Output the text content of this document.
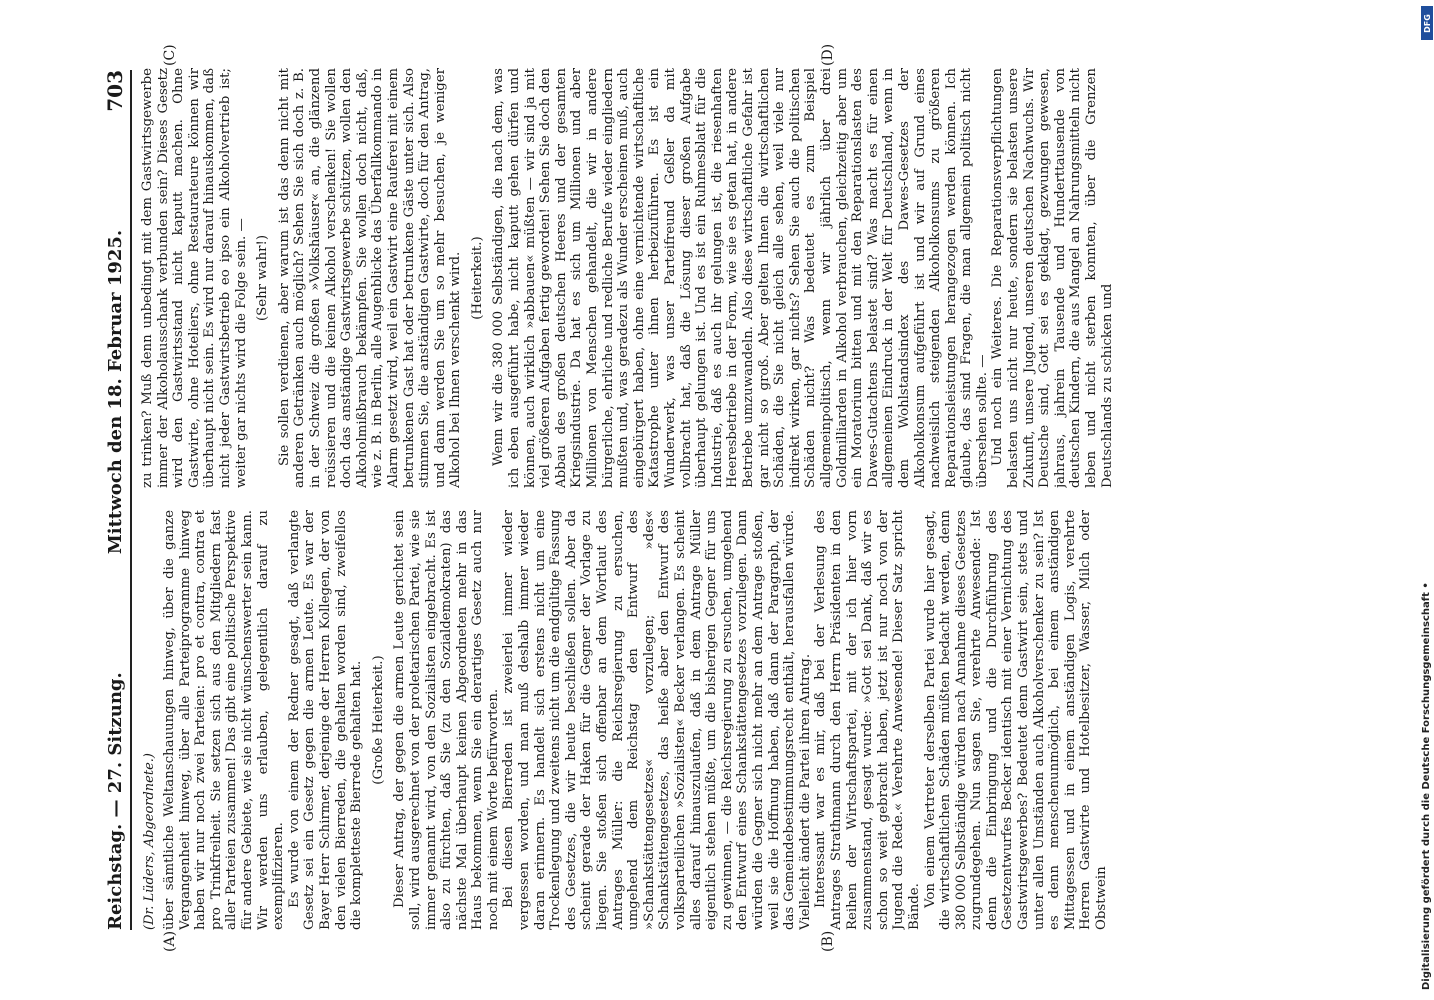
Reichstag. — 27. Sitzung.
Mittwoch den 18. Februar 1925.
703
(Dr. Lüders, Abgeordnete.) über sämtliche Weltanschauungen hinweg, über die ganze Vergangenheit hinweg, über alle Parteiprogramme hinweg haben wir nur noch zwei Parteien: pro et contra, contra et pro Trinkfreiheit. Sie setzen sich aus den Mitgliedern fast aller Parteien zusammen! Das gibt eine politische Perspektive für andere Gebiete, wie sie nicht wünschenswerter sein kann. Wir werden uns erlauben, gelegentlich darauf zu exemplifizieren. Es wurde von einem der Redner gesagt, daß verlangte Gesetz sei ein Gesetz gegen die armen Leute. Es war der Bayer Herr Schirmer, derjenige der Herren Kollegen, der von den vielen Bierreden, die gehalten worden sind, zweifellos die kompletteste Bierrede gehalten hat. (Große Heiterkeit.) Dieser Antrag, der gegen die armen Leute gerichtet sein soll, wird ausgerechnet von der proletarischen Partei, wie sie immer genannt wird, von den Sozialisten eingebracht. Es ist also zu fürchten, daß Sie (zu den Sozialdemokraten) das nächste Mal überhaupt keinen Abgeordneten mehr in das Haus bekommen, wenn Sie ein derartiges Gesetz auch nur noch mit einem Worte befürworten. Bei diesen Bierreden ist zweierlei immer wieder vergessen worden, und man muß deshalb immer wieder daran erinnern. Es handelt sich erstens nicht um eine Trockenlegung und zweitens nicht um die endgültige Fassung des Gesetzes, die wir heute beschließen sollen. Aber da scheint gerade der Haken für die Gegner der Vorlage zu liegen. Sie stoßen sich offenbar an dem Wortlaut des Antrages Müller: die Reichsregierung zu ersuchen, umgehend dem Reichstag den Entwurf des »Schankstättengesetzes« vorzulegen; »des« Schankstättengesetzes, das heiße aber den Entwurf des volksparteilichen »Sozialisten« Becker verlangen. Es scheint alles darauf hinauszulaufen, daß in dem Antrage Müller eigentlich stehen müßte, um die bisherigen Gegner für uns zu gewinnen, — die Reichsregierung zu ersuchen, umgehend den Entwurf eines Schankstättengesetzes vorzulegen. Dann würden die Gegner sich nicht mehr an dem Antrage stoßen, weil sie die Hoffnung haben, daß dann der Paragraph, der das Gemeindebestimmungsrecht enthält, herausfallen würde. Vielleicht ändert die Partei ihren Antrag. Interessant war es mir, daß bei der Verlesung des Antrages Strathmann durch den Herrn Präsidenten in den Reihen der Wirtschaftspartei, mit der ich hier vorn zusammenstand, gesagt wurde: »Gott sei Dank, daß wir es schon so weit gebracht haben, jetzt ist nur noch von der Jugend die Rede.« Verehrte Anwesende! Dieser Satz spricht Bände. Von einem Vertreter derselben Partei wurde hier gesagt, die wirtschaftlichen Schäden müßten bedacht werden, denn 380 000 Selbständige würden nach Annahme dieses Gesetzes zugrundegehen. Nun sagen Sie, verehrte Anwesende: Ist denn die Einbringung und die Durchführung des Gesetzentwurfes Becker identisch mit einer Vernichtung des Gastwirtsgewerbes? Bedeutet denn Gastwirt sein, stets und unter allen Umständen auch Alkoholverschenker zu sein? Ist es denn menschenunmöglich, bei einem anständigen Mittagessen und in einem anständigen Logis, verehrte Herren Gastwirte und Hotelbesitzer, Wasser, Milch oder Obstwein

zu trinken? Muß denn unbedingt mit dem Gastwirtsgewerbe immer der Alkoholausschank verbunden sein? Dieses Gesetz wird den Gastwirtsstand nicht kaputt machen. Ohne Gastwirte, ohne Hoteliers, ohne Restaurateure können wir überhaupt nicht sein. Es wird nur darauf hinauskommen, daß nicht jeder Gastwirtsbetrieb eo ipso ein Alkoholvertrieb ist; weiter gar nichts wird die Folge sein. — (Sehr wahr!) Sie sollen verdienen, aber warum ist das denn nicht mit anderen Getränken auch möglich? Sehen Sie sich doch z. B. in der Schweiz die großen »Volkshäuser« an, die glänzend reüssieren und die keinen Alkohol verschenken! Sie wollen doch das anständige Gastwirtsgewerbe schützen, wollen den Alkoholmißbrauch bekämpfen. Sie wollen doch nicht, daß, wie z. B. in Berlin, alle Augenblicke das Überfallkommando in Alarm gesetzt wird, weil ein Gastwirt eine Rauferei mit einem betrunkenen Gast hat oder betrunkene Gäste unter sich. Also stimmen Sie, die anständigen Gastwirte, doch für den Antrag, und dann werden Sie um so mehr besuchen, je weniger Alkohol bei Ihnen verschenkt wird. (Heiterkeit.) Wenn wir die 380 000 Selbständigen, die nach dem, was ich eben ausgeführt habe, nicht kaputt gehen dürfen und können, auch wirklich »abbauen« müßten — wir sind ja mit viel größeren Aufgaben fertig geworden! Sehen Sie doch den Abbau des großen deutschen Heeres und der gesamten Kriegsindustrie. Da hat es sich um Millionen und aber Millionen von Menschen gehandelt, die wir in andere bürgerliche, ehrliche und redliche Berufe wieder eingliedern mußten und, was geradezu als Wunder erscheinen muß, auch eingebürgert haben, ohne eine vernichtende wirtschaftliche Katastrophe unter ihnen herbeizuführen. Es ist ein Wunderwerk, was unser Parteifreund Geßler da mit vollbracht hat, daß die Lösung dieser großen Aufgabe überhaupt gelungen ist. Und es ist ein Ruhmesblatt für die Industrie, daß es auch ihr gelungen ist, die riesenhaften Heeresbetriebe in der Form, wie sie es getan hat, in andere Betriebe umzuwandeln. Also diese wirtschaftliche Gefahr ist gar nicht so groß. Aber gelten Ihnen die wirtschaftlichen Schäden, die Sie nicht gleich alle sehen, weil viele nur indirekt wirken, gar nichts? Sehen Sie auch die politischen Schäden nicht? Was bedeutet es zum Beispiel allgemeinpolitisch, wenn wir jährlich über drei Goldmilliarden in Alkohol verbrauchen, gleichzeitig aber um ein Moratorium bitten und mit den Reparationslasten des Dawes-Gutachtens belastet sind? Was macht es für einen allgemeinen Eindruck in der Welt für Deutschland, wenn in dem Wohlstandsindex des Dawes-Gesetzes der Alkoholkonsum aufgeführt ist und wir auf Grund eines nachweislich steigenden Alkoholkonsums zu größeren Reparationsleistungen herangezogen werden können. Ich glaube, das sind Fragen, die man allgemein politisch nicht übersehen sollte. — Und noch ein Weiteres. Die Reparationsverpflichtungen belasten uns nicht nur heute, sondern sie belasten unsere Zukunft, unsere Jugend, unseren deutschen Nachwuchs. Wir Deutsche sind, Gott sei es geklagt, gezwungen gewesen, jahraus, jahrein Tausende und Hunderttausende von deutschen Kindern, die aus Mangel an Nahrungsmitteln nicht leben und nicht sterben konnten, über die Grenzen Deutschlands zu schicken und

(A)	(B)
(C)	(D)
Digitalisierung gefördert durch die Deutsche Forschungsgemeinschaft •
DFG
